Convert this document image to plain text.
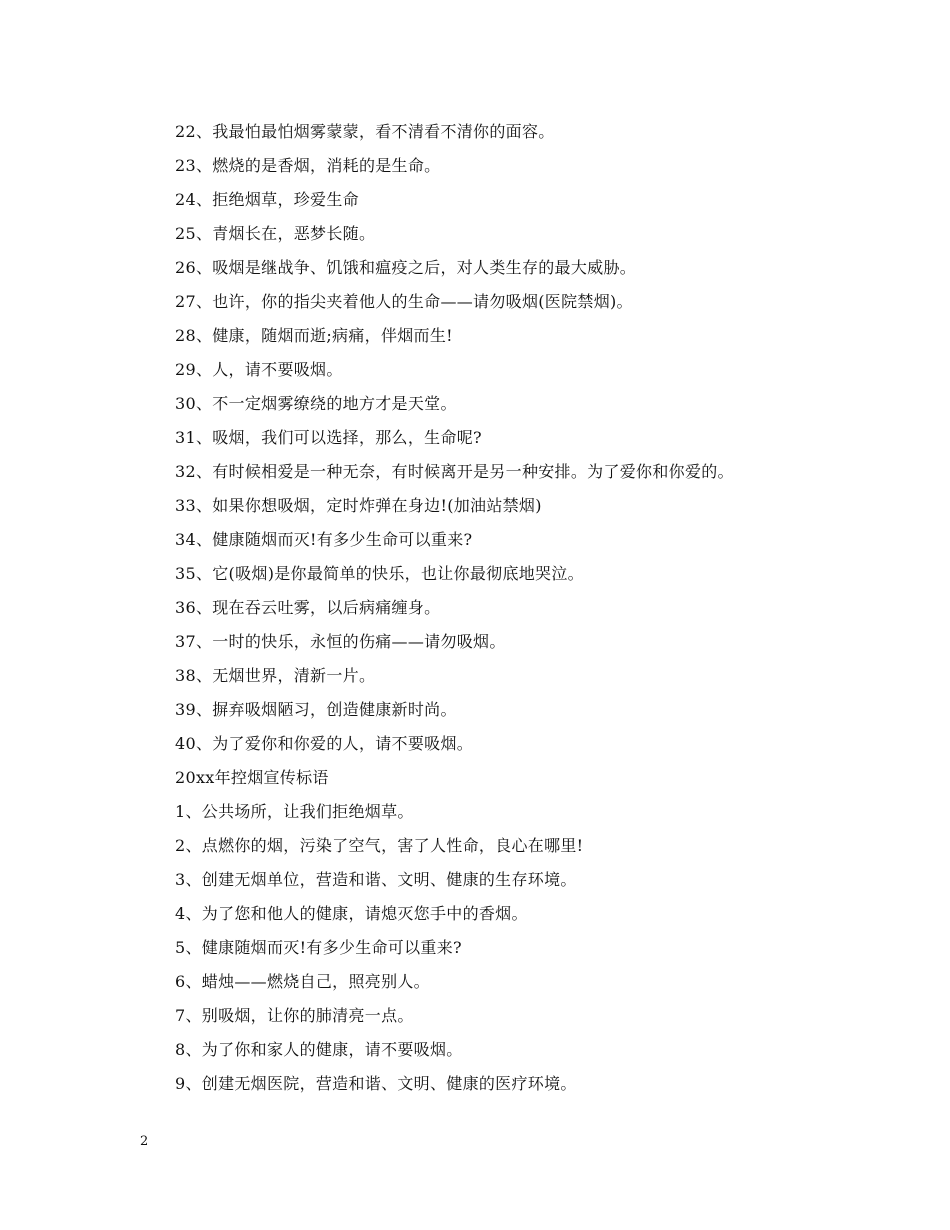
22、我最怕最怕烟雾蒙蒙，看不清看不清你的面容。
23、燃烧的是香烟，消耗的是生命。
24、拒绝烟草，珍爱生命
25、青烟长在，恶梦长随。
26、吸烟是继战争、饥饿和瘟疫之后，对人类生存的最大威胁。
27、也许，你的指尖夹着他人的生命——请勿吸烟(医院禁烟)。
28、健康，随烟而逝;病痛，伴烟而生!
29、人，请不要吸烟。
30、不一定烟雾缭绕的地方才是天堂。
31、吸烟，我们可以选择，那么，生命呢?
32、有时候相爱是一种无奈，有时候离开是另一种安排。为了爱你和你爱的。
33、如果你想吸烟，定时炸弹在身边!(加油站禁烟)
34、健康随烟而灭!有多少生命可以重来?
35、它(吸烟)是你最简单的快乐，也让你最彻底地哭泣。
36、现在吞云吐雾，以后病痛缠身。
37、一时的快乐，永恒的伤痛——请勿吸烟。
38、无烟世界，清新一片。
39、摒弃吸烟陋习，创造健康新时尚。
40、为了爱你和你爱的人，请不要吸烟。
20xx年控烟宣传标语
1、公共场所，让我们拒绝烟草。
2、点燃你的烟，污染了空气，害了人性命，良心在哪里!
3、创建无烟单位，营造和谐、文明、健康的生存环境。
4、为了您和他人的健康，请熄灭您手中的香烟。
5、健康随烟而灭!有多少生命可以重来?
6、蜡烛——燃烧自己，照亮别人。
7、别吸烟，让你的肺清亮一点。
8、为了你和家人的健康，请不要吸烟。
9、创建无烟医院，营造和谐、文明、健康的医疗环境。
2
